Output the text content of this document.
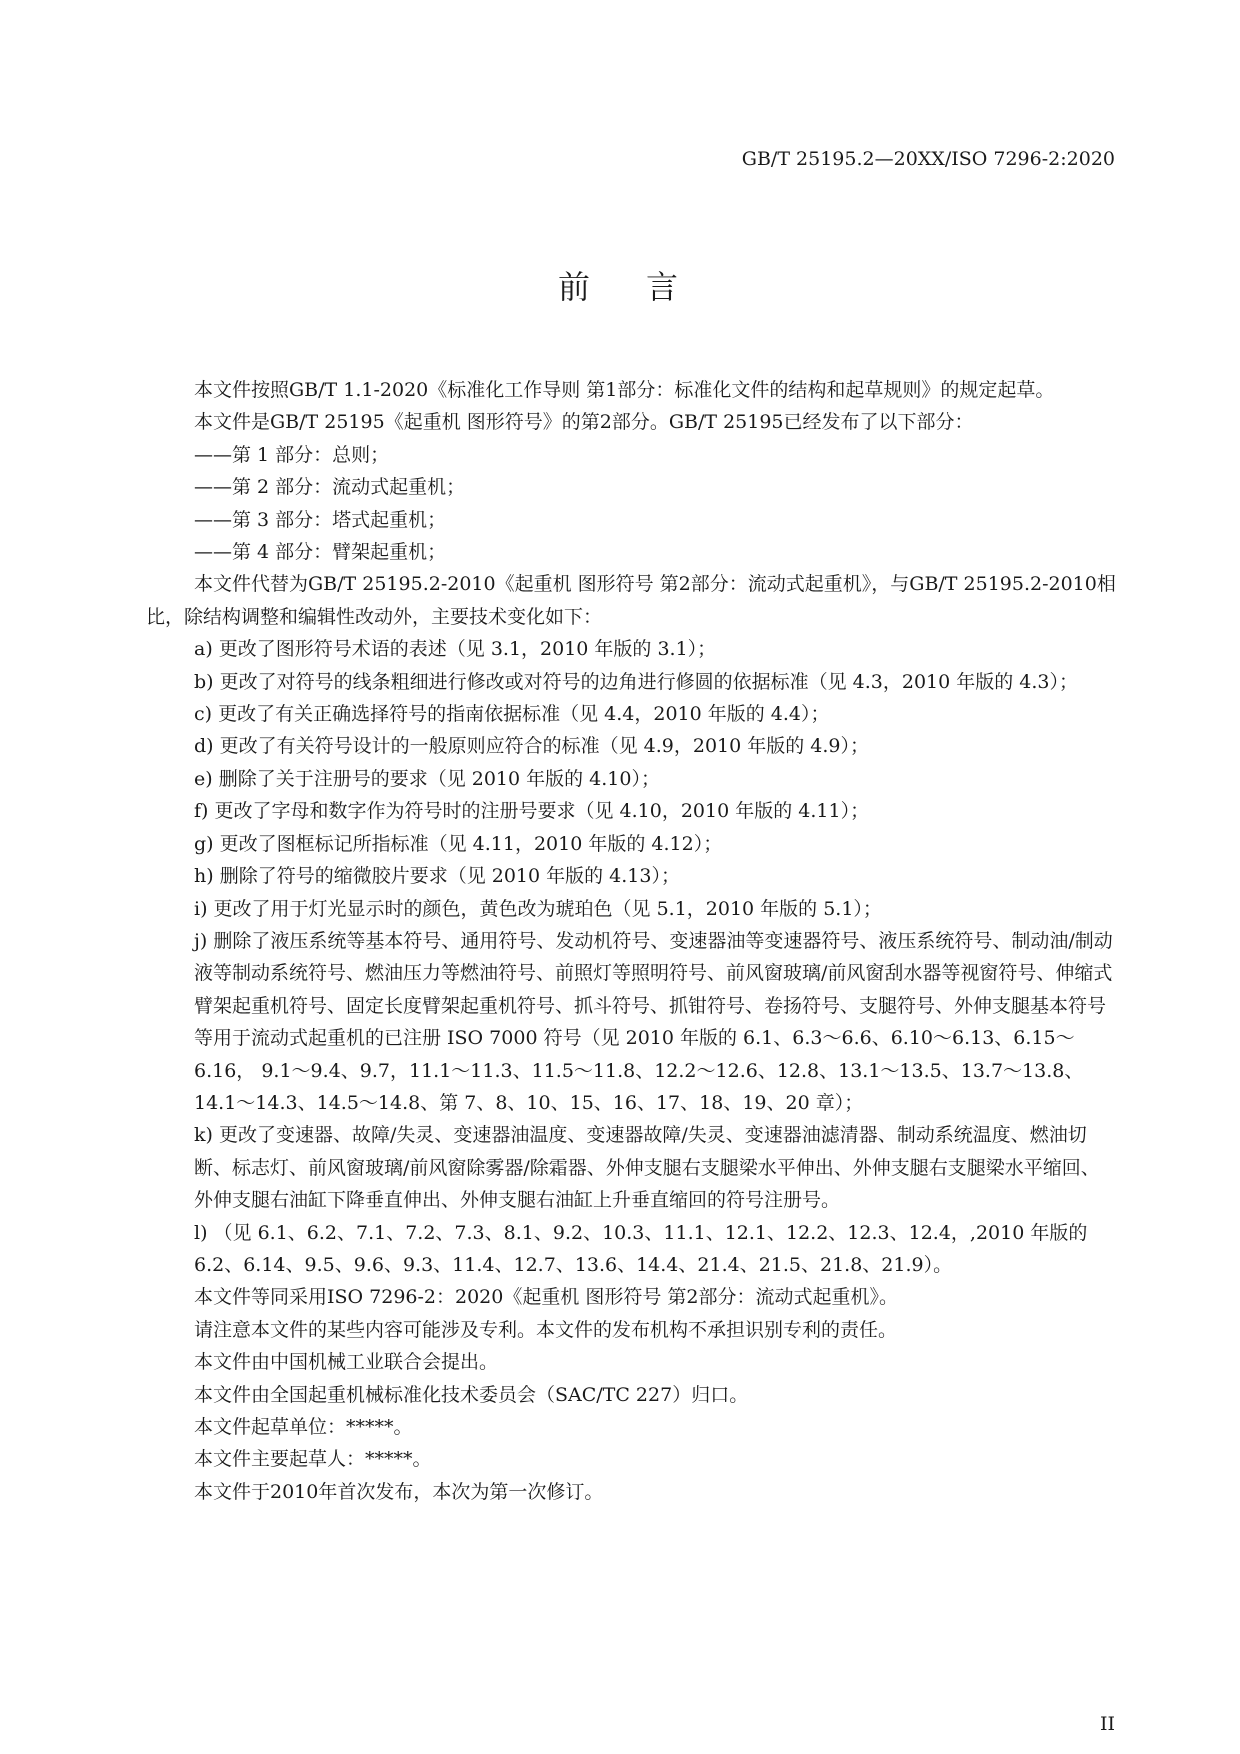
GB/T 25195.2—20XX/ISO 7296-2:2020
前 言

本文件按照GB/T 1.1-2020《标准化工作导则 第1部分：标准化文件的结构和起草规则》的规定起草。

本文件是GB/T 25195《起重机 图形符号》的第2部分。GB/T 25195已经发布了以下部分：

——第 1 部分：总则；

——第 2 部分：流动式起重机；

——第 3 部分：塔式起重机；

——第 4 部分：臂架起重机；

本文件代替为GB/T 25195.2-2010《起重机 图形符号 第2部分：流动式起重机》，与GB/T 25195.2-2010相比，除结构调整和编辑性改动外，主要技术变化如下：

a) 更改了图形符号术语的表述（见 3.1，2010 年版的 3.1）；

b) 更改了对符号的线条粗细进行修改或对符号的边角进行修圆的依据标准（见 4.3，2010 年版的 4.3）；

c) 更改了有关正确选择符号的指南依据标准（见 4.4，2010 年版的 4.4）；

d) 更改了有关符号设计的一般原则应符合的标准（见 4.9，2010 年版的 4.9）；

e) 删除了关于注册号的要求（见 2010 年版的 4.10）；

f) 更改了字母和数字作为符号时的注册号要求（见 4.10，2010 年版的 4.11）；

g) 更改了图框标记所指标准（见 4.11，2010 年版的 4.12）；

h) 删除了符号的缩微胶片要求（见 2010 年版的 4.13）；

i) 更改了用于灯光显示时的颜色，黄色改为琥珀色（见 5.1，2010 年版的 5.1）；

j) 删除了液压系统等基本符号、通用符号、发动机符号、变速器油等变速器符号、液压系统符号、制动油/制动液等制动系统符号、燃油压力等燃油符号、前照灯等照明符号、前风窗玻璃/前风窗刮水器等视窗符号、伸缩式臂架起重机符号、固定长度臂架起重机符号、抓斗符号、抓钳符号、卷扬符号、支腿符号、外伸支腿基本符号等用于流动式起重机的已注册 ISO 7000 符号（见 2010 年版的 6.1、6.3～6.6、6.10～6.13、6.15～6.16， 9.1～9.4、9.7，11.1～11.3、11.5～11.8、12.2～12.6、12.8、13.1～13.5、13.7～13.8、14.1～14.3、14.5～14.8、第 7、8、10、15、16、17、18、19、20 章）；

k) 更改了变速器、故障/失灵、变速器油温度、变速器故障/失灵、变速器油滤清器、制动系统温度、燃油切断、标志灯、前风窗玻璃/前风窗除雾器/除霜器、外伸支腿右支腿梁水平伸出、外伸支腿右支腿梁水平缩回、外伸支腿右油缸下降垂直伸出、外伸支腿右油缸上升垂直缩回的符号注册号。

l) （见 6.1、6.2、7.1、7.2、7.3、8.1、9.2、10.3、11.1、12.1、12.2、12.3、12.4，,2010 年版的 6.2、6.14、9.5、9.6、9.3、11.4、12.7、13.6、14.4、21.4、21.5、21.8、21.9）。

本文件等同采用ISO 7296-2：2020《起重机 图形符号 第2部分：流动式起重机》。

请注意本文件的某些内容可能涉及专利。本文件的发布机构不承担识别专利的责任。

本文件由中国机械工业联合会提出。

本文件由全国起重机械标准化技术委员会（SAC/TC 227）归口。

本文件起草单位：*****。

本文件主要起草人：*****。

本文件于2010年首次发布，本次为第一次修订。

II
